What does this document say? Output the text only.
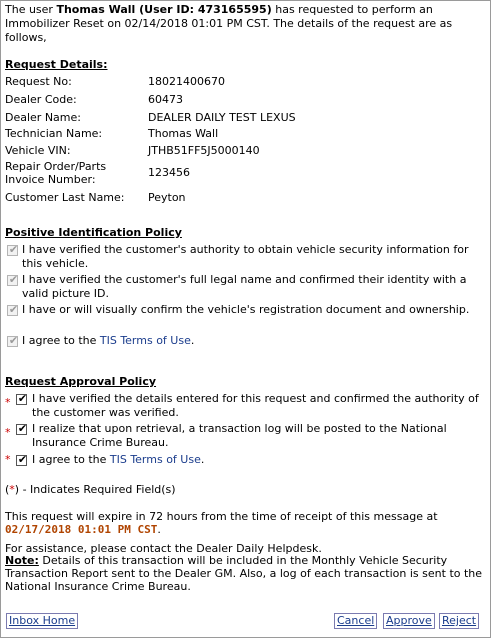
The user Thomas Wall (User ID: 473165595) has requested to perform an Immobilizer Reset on 02/14/2018 01:01 PM CST. The details of the request are as follows,
Request Details:
Request No:	18021400670
Dealer Code:	60473
Dealer Name:	DEALER DAILY TEST LEXUS
Technician Name:	Thomas Wall
Vehicle VIN:	JTHB51FF5J5000140
Repair Order/Parts Invoice Number:
123456
Customer Last Name:	Peyton
Positive Identification Policy
✔ I have verified the customer's authority to obtain vehicle security information for this vehicle.
✔ I have verified the customer's full legal name and confirmed their identity with a valid picture ID.
✔ I have or will visually confirm the vehicle's registration document and ownership.
✔ I agree to the TIS Terms of Use.
Request Approval Policy
* ✔ I have verified the details entered for this request and confirmed the authority of the customer was verified.
* ✔ I realize that upon retrieval, a transaction log will be posted to the National Insurance Crime Bureau.
* ✔ I agree to the TIS Terms of Use.
(*) - Indicates Required Field(s)
This request will expire in 72 hours from the time of receipt of this message at 02/17/2018 01:01 PM CST.
For assistance, please contact the Dealer Daily Helpdesk.
Note: Details of this transaction will be included in the Monthly Vehicle Security Transaction Report sent to the Dealer GM. Also, a log of each transaction is sent to the National Insurance Crime Bureau.
Inbox Home	Cancel Approve Reject
